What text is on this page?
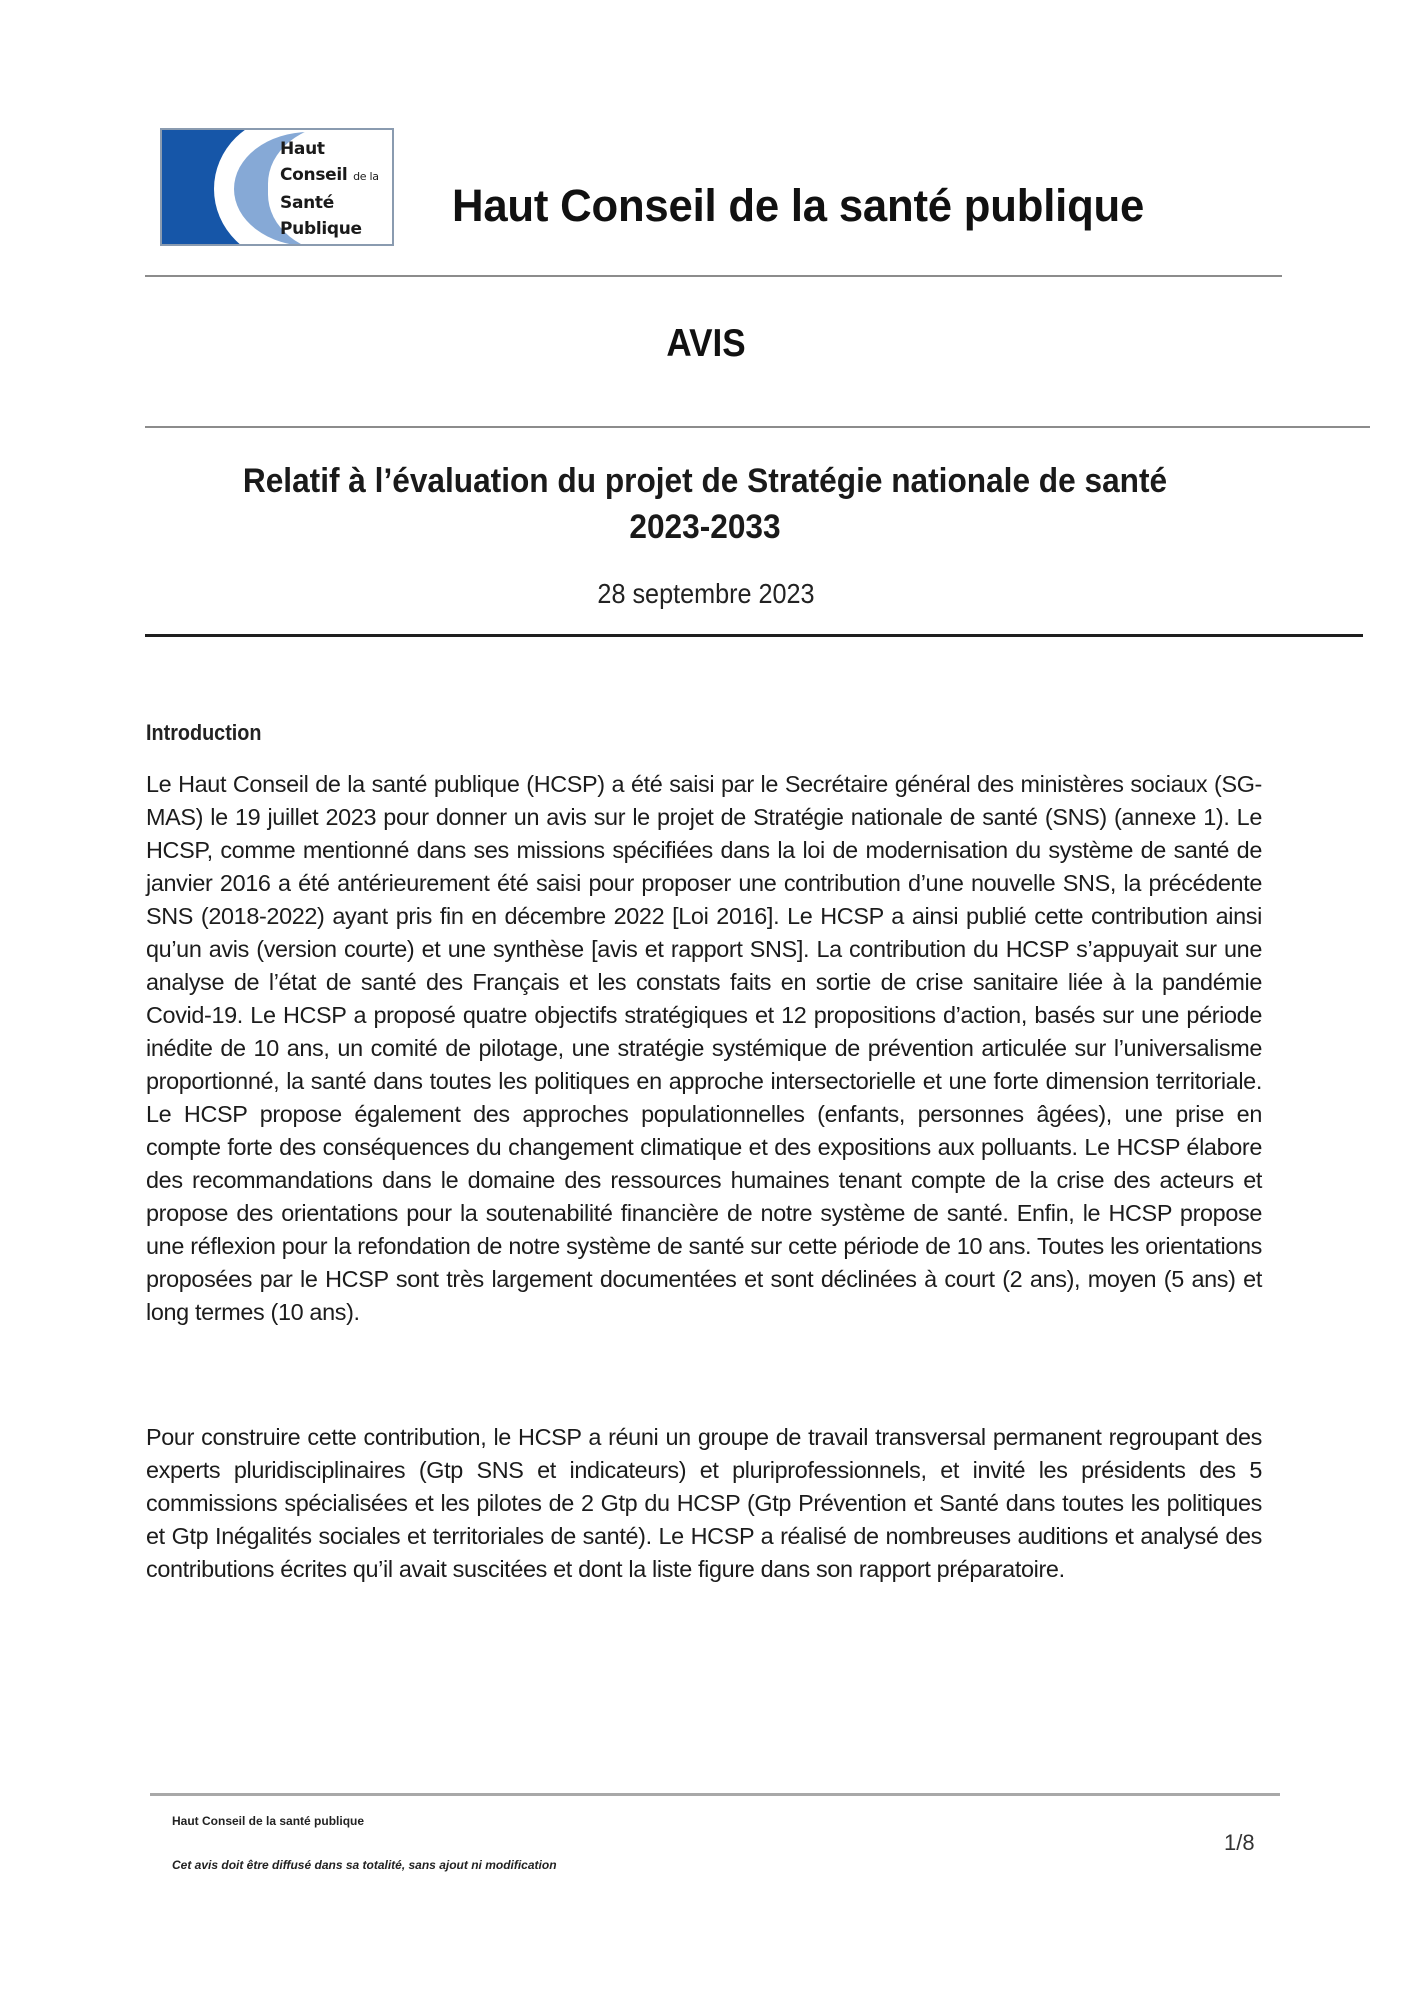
Haut
Conseil de la
Santé
Publique	Haut Conseil de la santé publique
AVIS
Relatif à l’évaluation du projet de Stratégie nationale de santé
2023-2033
28 septembre 2023
Introduction

Le Haut Conseil de la santé publique (HCSP) a été saisi par le Secrétaire général des ministères sociaux (SG-MAS) le 19 juillet 2023 pour donner un avis sur le projet de Stratégie nationale de santé (SNS) (annexe 1). Le HCSP, comme mentionné dans ses missions spécifiées dans la loi de modernisation du système de santé de janvier 2016 a été antérieurement été saisi pour proposer une contribution d’une nouvelle SNS, la précédente SNS (2018-2022) ayant pris fin en décembre 2022 [Loi 2016]. Le HCSP a ainsi publié cette contribution ainsi qu’un avis (version courte) et une synthèse [avis et rapport SNS]. La contribution du HCSP s’appuyait sur une analyse de l’état de santé des Français et les constats faits en sortie de crise sanitaire liée à la pandémie Covid-19. Le HCSP a proposé quatre objectifs stratégiques et 12 propositions d’action, basés sur une période inédite de 10 ans, un comité de pilotage, une stratégie systémique de prévention articulée sur l’universalisme proportionné, la santé dans toutes les politiques en approche intersectorielle et une forte dimension territoriale. Le HCSP propose également des approches populationnelles (enfants, personnes âgées), une prise en compte forte des conséquences du changement climatique et des expositions aux polluants. Le HCSP élabore des recommandations dans le domaine des ressources humaines tenant compte de la crise des acteurs et propose des orientations pour la soutenabilité financière de notre système de santé. Enfin, le HCSP propose une réflexion pour la refondation de notre système de santé sur cette période de 10 ans. Toutes les orientations proposées par le HCSP sont très largement documentées et sont déclinées à court (2 ans), moyen (5 ans) et long termes (10 ans).

Pour construire cette contribution, le HCSP a réuni un groupe de travail transversal permanent regroupant des experts pluridisciplinaires (Gtp SNS et indicateurs) et pluriprofessionnels, et invité les présidents des 5 commissions spécialisées et les pilotes de 2 Gtp du HCSP (Gtp Prévention et Santé dans toutes les politiques et Gtp Inégalités sociales et territoriales de santé). Le HCSP a réalisé de nombreuses auditions et analysé des contributions écrites qu’il avait suscitées et dont la liste figure dans son rapport préparatoire.

Haut Conseil de la santé publique
Cet avis doit être diffusé dans sa totalité, sans ajout ni modification
1/8
